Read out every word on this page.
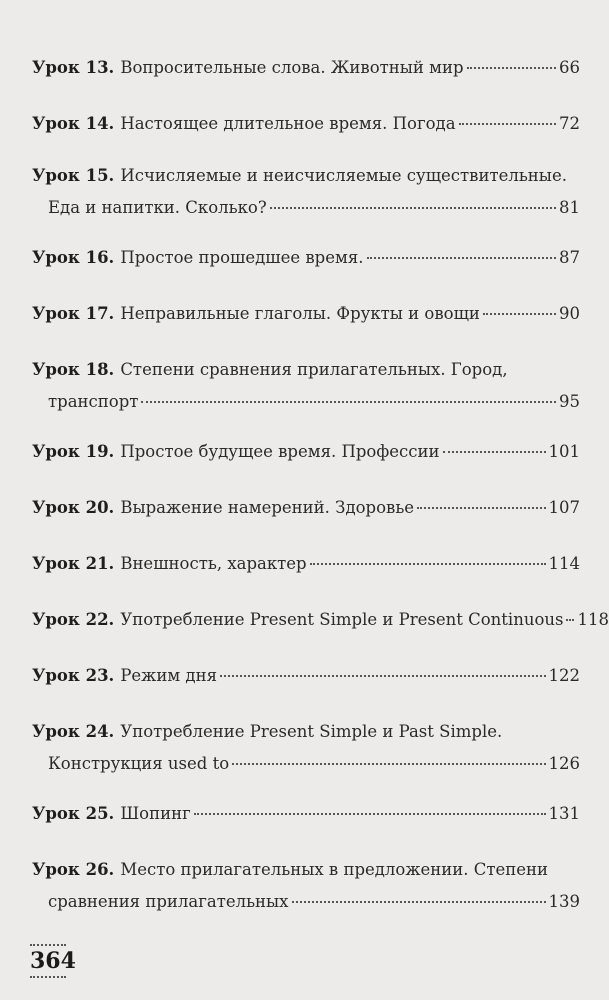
Урок 13. Вопросительные слова. Животный мир	66
Урок 14. Настоящее длительное время. Погода	72
Урок 15. Исчисляемые и неисчисляемые существительные.
Еда и напитки. Сколько?	81
Урок 16. Простое прошедшее время.	87
Урок 17. Неправильные глаголы. Фрукты и овощи	90
Урок 18. Степени сравнения прилагательных. Город,
транспорт	95
Урок 19. Простое будущее время. Профессии	101
Урок 20. Выражение намерений. Здоровье	107
Урок 21. Внешность, характер	114
Урок 22. Употребление Present Simple и Present Continuous 118
Урок 23. Режим дня	122
Урок 24. Употребление Present Simple и Past Simple.
Конструкция used to	126
Урок 25. Шопинг	131
Урок 26. Место прилагательных в предложении. Степени
сравнения прилагательных	139
364
